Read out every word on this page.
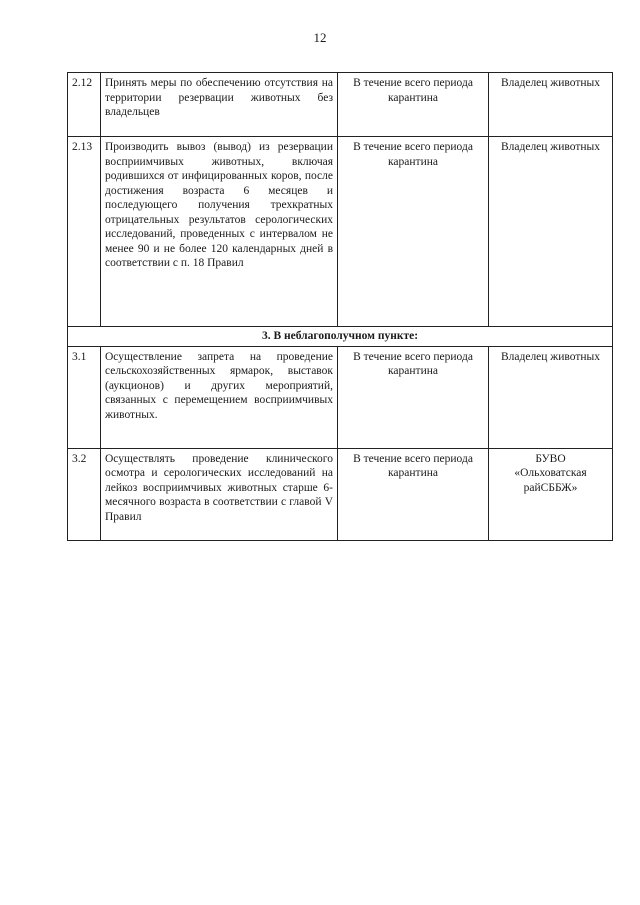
12
2.12	Принять меры по обеспечению отсутствия на территории резервации животных без владельцев	В течение всего периода карантина	Владелец животных
2.13	Производить вывоз (вывод) из резервации восприимчивых животных, включая родившихся от инфицированных коров, после достижения возраста 6 месяцев и последующего получения трехкратных отрицательных результатов серологических исследований, проведенных с интервалом не менее 90 и не более 120 календарных дней в соответствии с п. 18 Правил	В течение всего периода карантина	Владелец животных
3. В неблагополучном пункте:			
3.1	Осуществление запрета на проведение сельскохозяйственных ярмарок, выставок (аукционов) и других мероприятий, связанных с перемещением восприимчивых животных.	В течение всего периода карантина	Владелец животных
3.2	Осуществлять проведение клинического осмотра и серологических исследований на лейкоз восприимчивых животных старше 6-месячного возраста в соответствии с главой V Правил	В течение всего периода карантина	БУВО
«Ольховатская райСББЖ»
